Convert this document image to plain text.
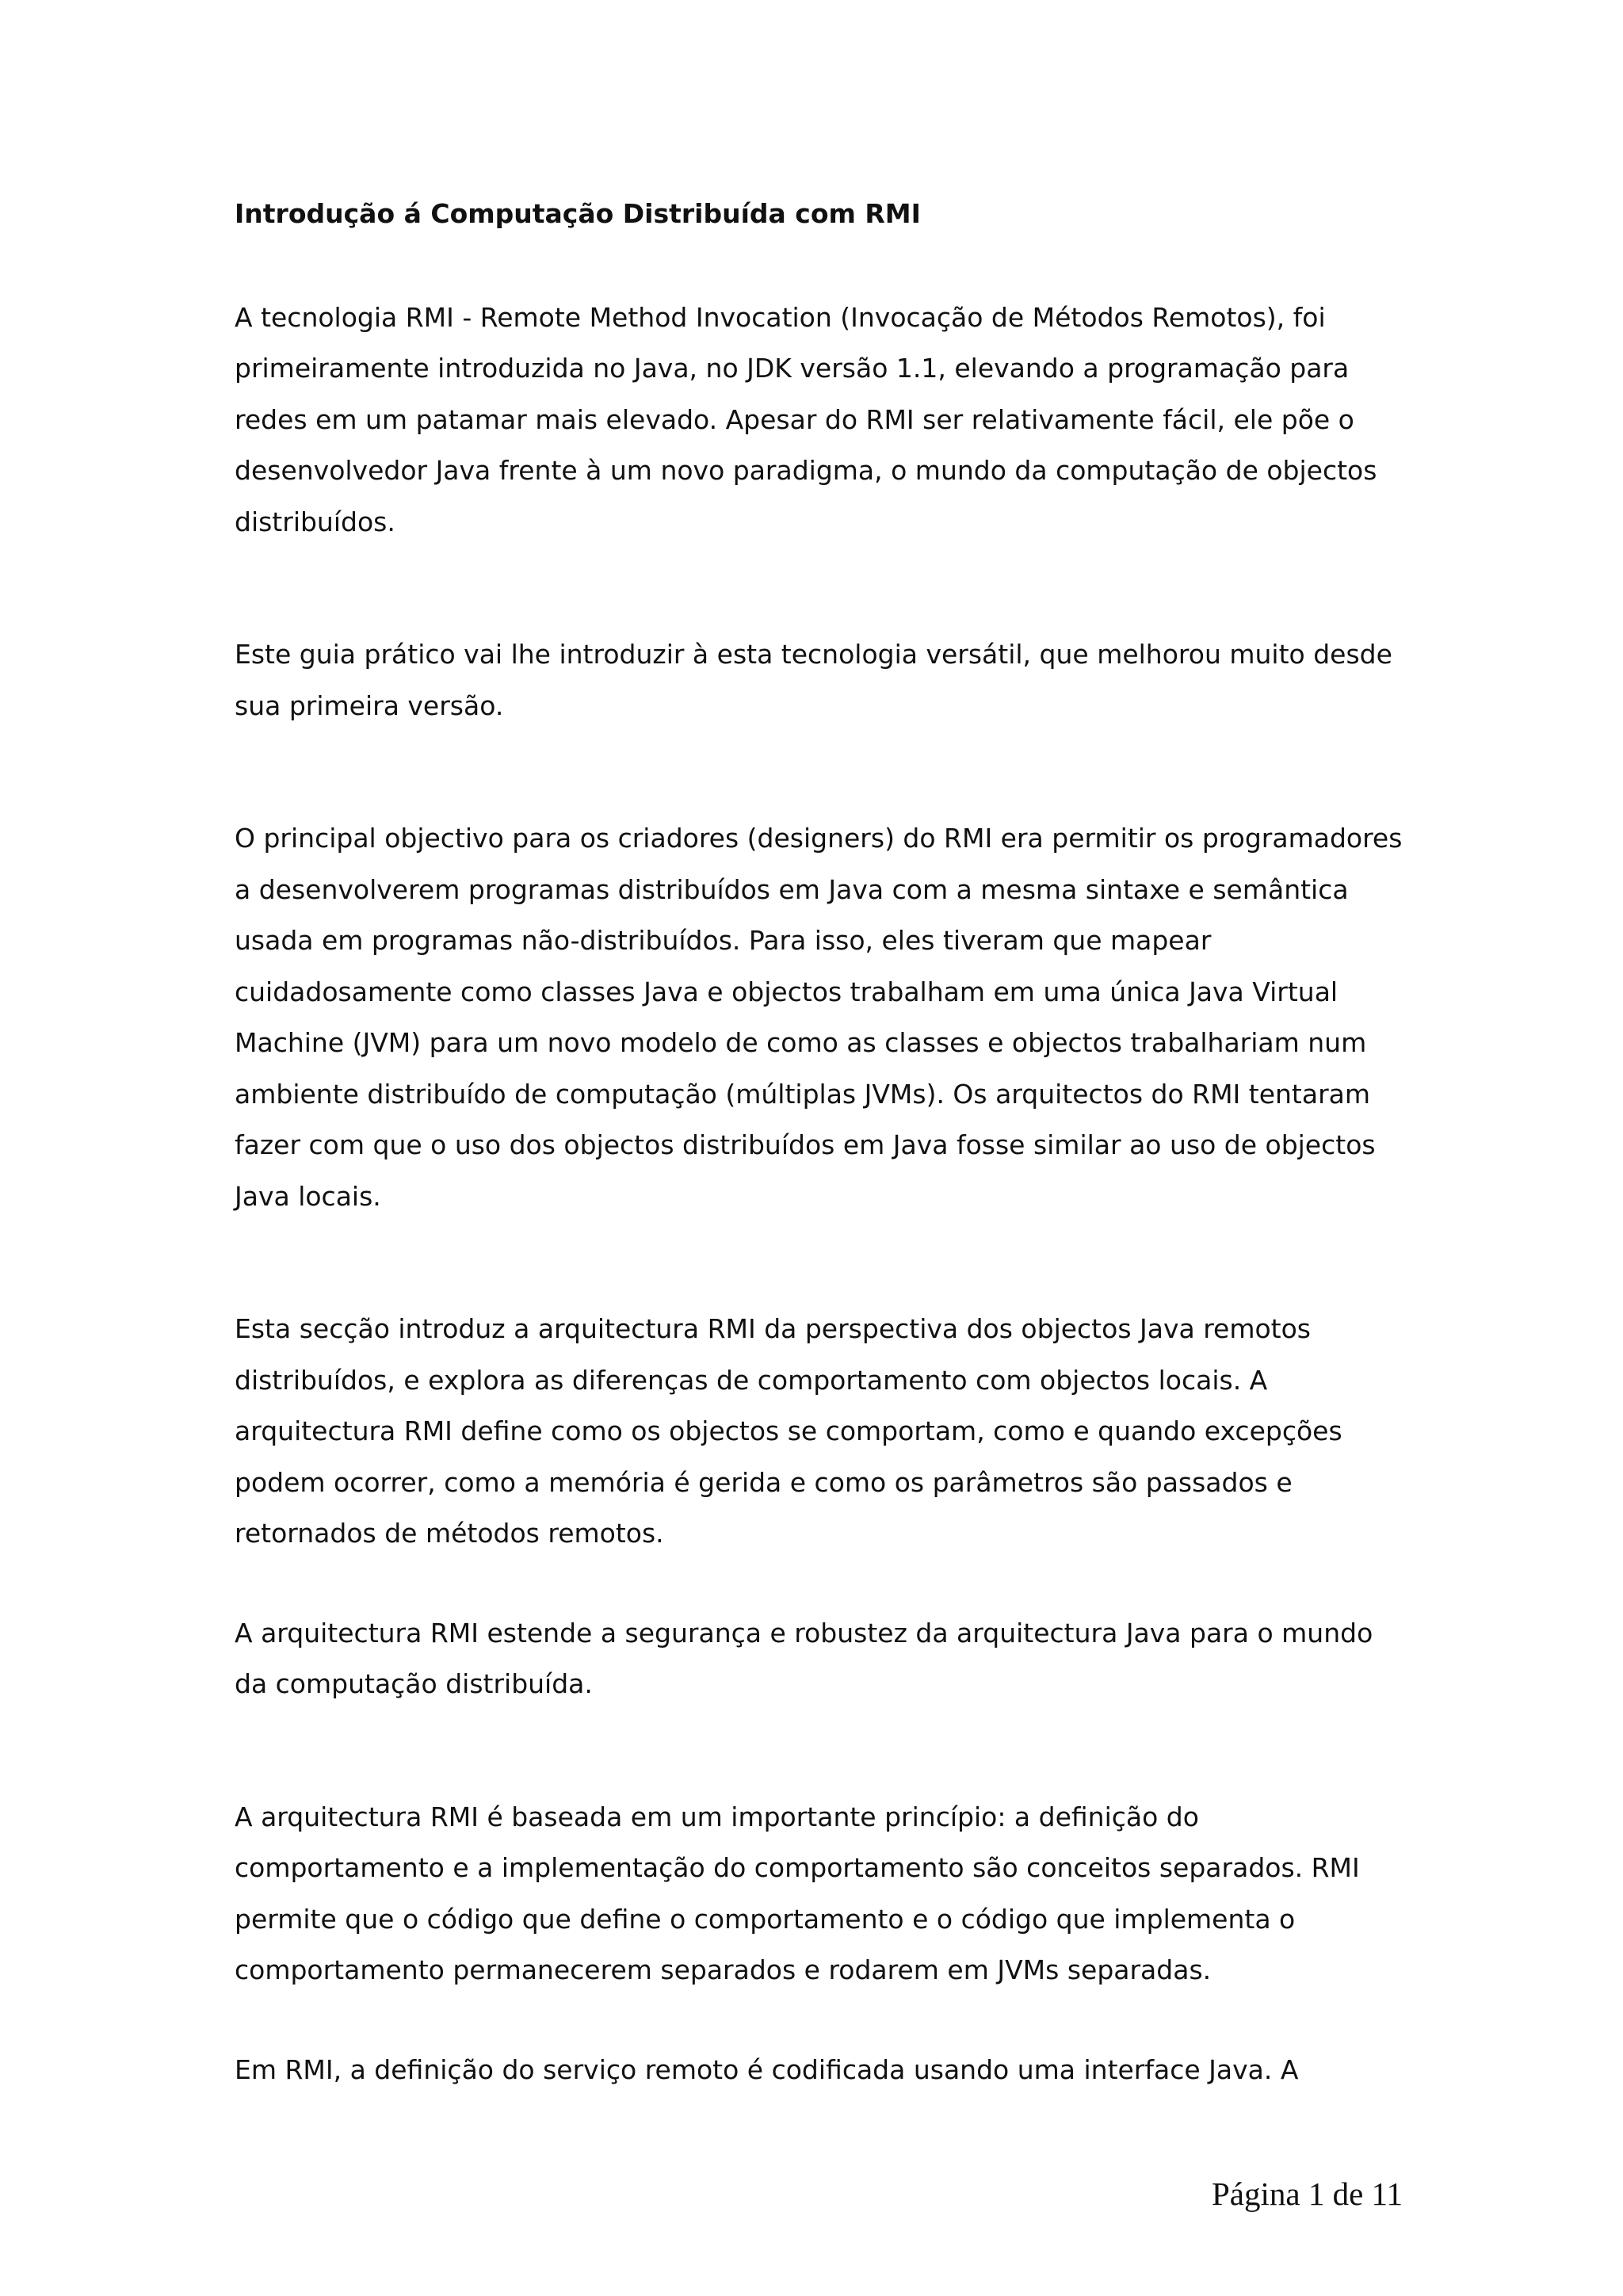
Introdução á Computação Distribuída com RMI

A tecnologia RMI - Remote Method Invocation (Invocação de Métodos Remotos), foi primeiramente introduzida no Java, no JDK versão 1.1, elevando a programação para redes em um patamar mais elevado. Apesar do RMI ser relativamente fácil, ele põe o desenvolvedor Java frente à um novo paradigma, o mundo da computação de objectos distribuídos.

Este guia prático vai lhe introduzir à esta tecnologia versátil, que melhorou muito desde sua primeira versão.

O principal objectivo para os criadores (designers) do RMI era permitir os programadores a desenvolverem programas distribuídos em Java com a mesma sintaxe e semântica usada em programas não-distribuídos. Para isso, eles tiveram que mapear cuidadosamente como classes Java e objectos trabalham em uma única Java Virtual Machine (JVM) para um novo modelo de como as classes e objectos trabalhariam num ambiente distribuído de computação (múltiplas JVMs). Os arquitectos do RMI tentaram fazer com que o uso dos objectos distribuídos em Java fosse similar ao uso de objectos Java locais.

Esta secção introduz a arquitectura RMI da perspectiva dos objectos Java remotos distribuídos, e explora as diferenças de comportamento com objectos locais. A arquitectura RMI define como os objectos se comportam, como e quando excepções podem ocorrer, como a memória é gerida e como os parâmetros são passados e retornados de métodos remotos.

A arquitectura RMI estende a segurança e robustez da arquitectura Java para o mundo da computação distribuída.

A arquitectura RMI é baseada em um importante princípio: a definição do comportamento e a implementação do comportamento são conceitos separados. RMI permite que o código que define o comportamento e o código que implementa o comportamento permanecerem separados e rodarem em JVMs separadas.

Em RMI, a definição do serviço remoto é codificada usando uma interface Java. A

Página 1 de 11
